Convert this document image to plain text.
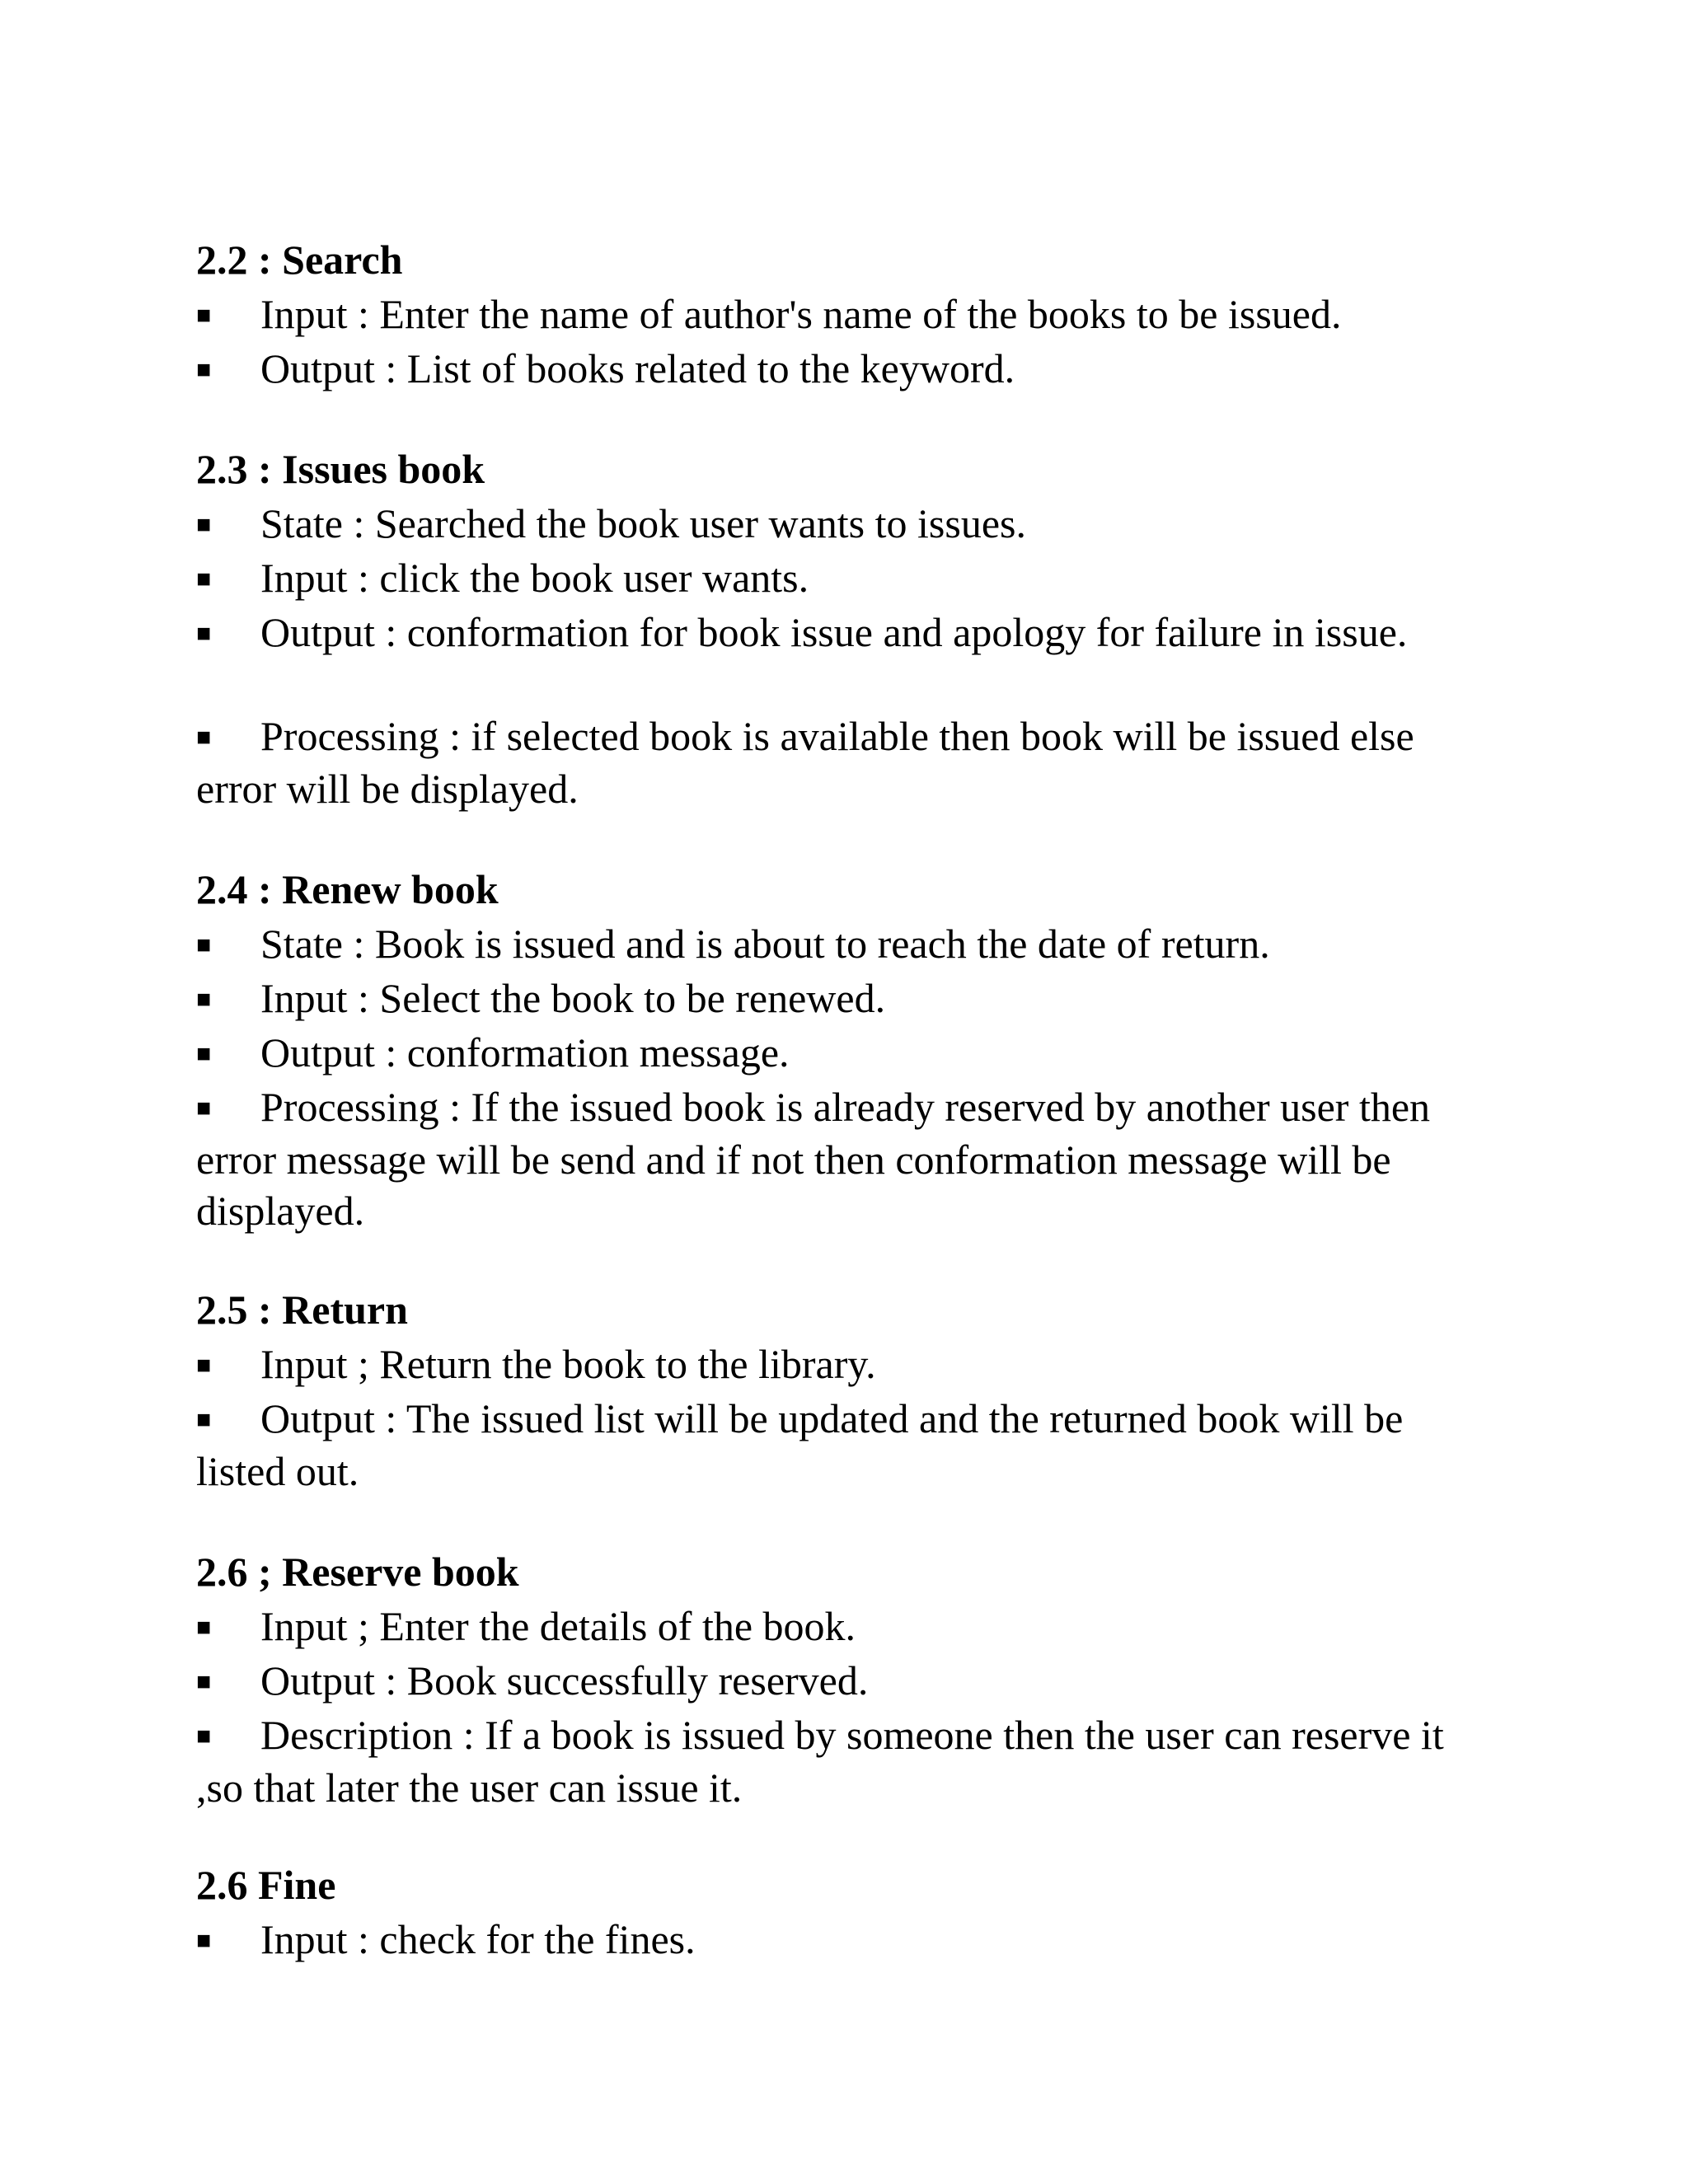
2.2 : Search
■ Input : Enter the name of author's name of the books to be issued.
■ Output : List of books related to the keyword.
2.3 : Issues book
■ State : Searched the book user wants to issues.
■ Input : click the book user wants.
■ Output : conformation for book issue and apology for failure in issue.
■ Processing : if selected book is available then book will be issued else error will be displayed.
2.4 : Renew book
■ State : Book is issued and is about to reach the date of return.
■ Input : Select the book to be renewed.
■ Output : conformation message.
■ Processing : If the issued book is already reserved by another user then error message will be send and if not then conformation message will be displayed.
2.5 : Return
■ Input ; Return the book to the library.
■ Output : The issued list will be updated and the returned book will be listed out.
2.6 ; Reserve book
■ Input ; Enter the details of the book.
■ Output : Book successfully reserved.
■ Description : If a book is issued by someone then the user can reserve it ,so that later the user can issue it.
2.6 Fine
■ Input : check for the fines.
